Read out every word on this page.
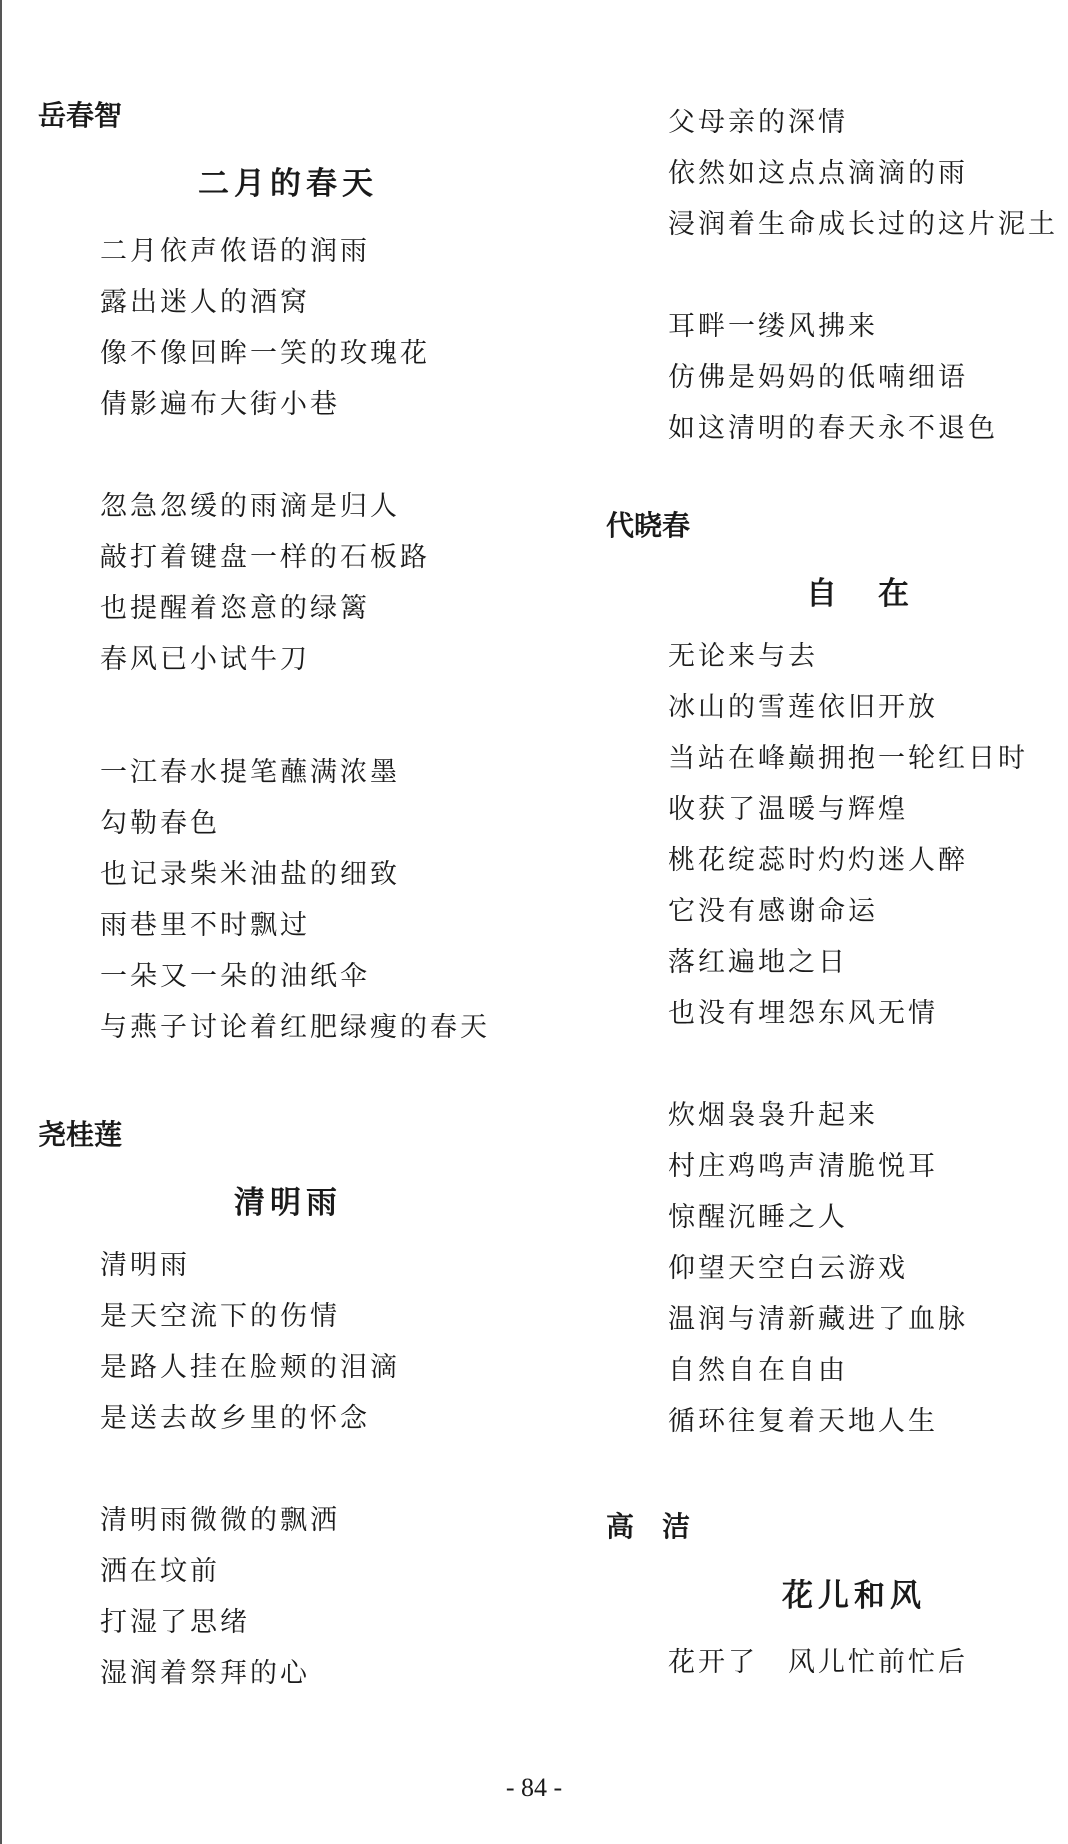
岳春智
二月的春天
二月依声侬语的润雨
露出迷人的酒窝
像不像回眸一笑的玫瑰花
倩影遍布大街小巷
忽急忽缓的雨滴是归人
敲打着键盘一样的石板路
也提醒着恣意的绿篱
春风已小试牛刀
一江春水提笔蘸满浓墨
勾勒春色
也记录柴米油盐的细致
雨巷里不时飘过
一朵又一朵的油纸伞
与燕子讨论着红肥绿瘦的春天
尧桂莲
清明雨
清明雨
是天空流下的伤情
是路人挂在脸颊的泪滴
是送去故乡里的怀念
清明雨微微的飘洒
洒在坟前
打湿了思绪
湿润着祭拜的心
父母亲的深情
依然如这点点滴滴的雨
浸润着生命成长过的这片泥土
耳畔一缕风拂来
仿佛是妈妈的低喃细语
如这清明的春天永不退色
代晓春
自　在
无论来与去
冰山的雪莲依旧开放
当站在峰巅拥抱一轮红日时
收获了温暖与辉煌
桃花绽蕊时灼灼迷人醉
它没有感谢命运
落红遍地之日
也没有埋怨东风无情
炊烟袅袅升起来
村庄鸡鸣声清脆悦耳
惊醒沉睡之人
仰望天空白云游戏
温润与清新藏进了血脉
自然自在自由
循环往复着天地人生
高　洁
花儿和风
花开了　风儿忙前忙后
- 84 -
